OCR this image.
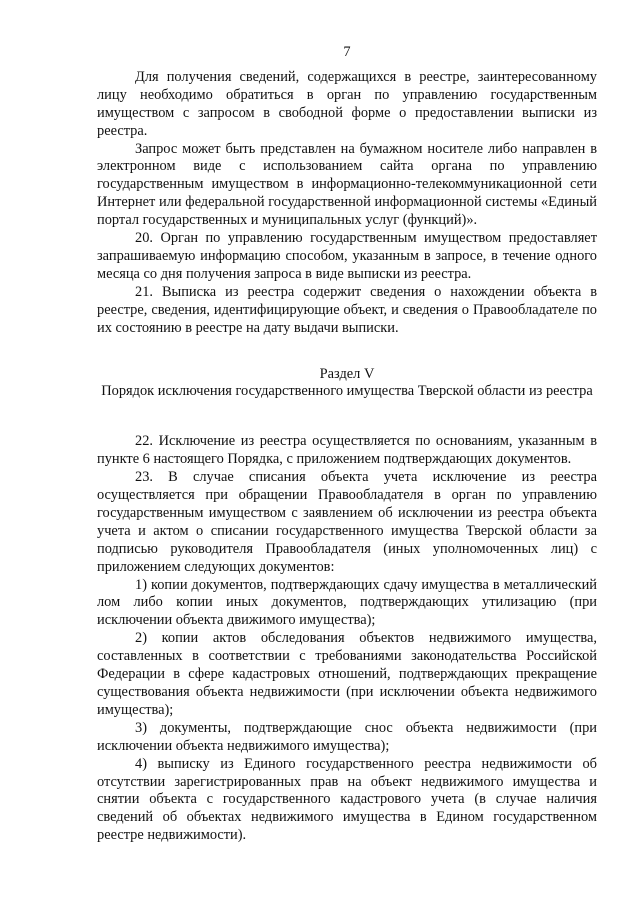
7

Для получения сведений, содержащихся в реестре, заинтересованному лицу необходимо обратиться в орган по управлению государственным имуществом с запросом в свободной форме о предоставлении выписки из реестра.

Запрос может быть представлен на бумажном носителе либо направлен в электронном виде с использованием сайта органа по управлению государственным имуществом в информационно-телекоммуникационной сети Интернет или федеральной государственной информационной системы «Единый портал государственных и муниципальных услуг (функций)».

20. Орган по управлению государственным имуществом предоставляет запрашиваемую информацию способом, указанным в запросе, в течение одного месяца со дня получения запроса в виде выписки из реестра.

21. Выписка из реестра содержит сведения о нахождении объекта в реестре, сведения, идентифицирующие объект, и сведения о Правообладателе по их состоянию в реестре на дату выдачи выписки.

Раздел V
Порядок исключения государственного имущества Тверской области из реестра

22. Исключение из реестра осуществляется по основаниям, указанным в пункте 6 настоящего Порядка, с приложением подтверждающих документов.

23. В случае списания объекта учета исключение из реестра осуществляется при обращении Правообладателя в орган по управлению государственным имуществом с заявлением об исключении из реестра объекта учета и актом о списании государственного имущества Тверской области за подписью руководителя Правообладателя (иных уполномоченных лиц) с приложением следующих документов:

1) копии документов, подтверждающих сдачу имущества в металлический лом либо копии иных документов, подтверждающих утилизацию (при исключении объекта движимого имущества);

2) копии актов обследования объектов недвижимого имущества, составленных в соответствии с требованиями законодательства Российской Федерации в сфере кадастровых отношений, подтверждающих прекращение существования объекта недвижимости (при исключении объекта недвижимого имущества);

3) документы, подтверждающие снос объекта недвижимости (при исключении объекта недвижимого имущества);

4) выписку из Единого государственного реестра недвижимости об отсутствии зарегистрированных прав на объект недвижимого имущества и снятии объекта с государственного кадастрового учета (в случае наличия сведений об объектах недвижимого имущества в Едином государственном реестре недвижимости).
